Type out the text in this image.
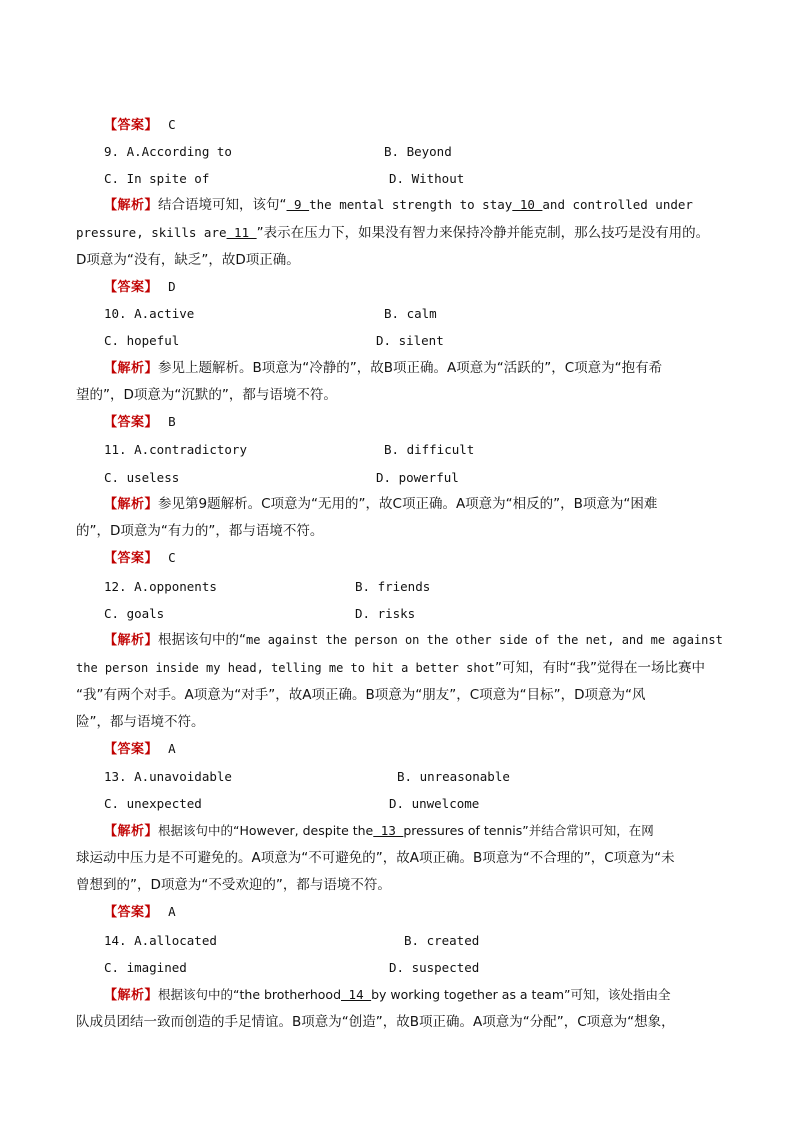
【答案】 C
9. A.According to	B. Beyond
C. In spite of	D. Without
【解析】结合语境可知，该句“ 9 the mental strength to stay 10 and controlled under
pressure, skills are 11 ”表示在压力下，如果没有智力来保持冷静并能克制，那么技巧是没有用的。
D项意为“没有，缺乏”，故D项正确。
【答案】 D
10. A.active	B. calm
C. hopeful	D. silent
【解析】参见上题解析。B项意为“冷静的”，故B项正确。A项意为“活跃的”，C项意为“抱有希
望的”，D项意为“沉默的”，都与语境不符。
【答案】 B
11. A.contradictory	B. difficult
C. useless	D. powerful
【解析】参见第9题解析。C项意为“无用的”，故C项正确。A项意为“相反的”，B项意为“困难
的”，D项意为“有力的”，都与语境不符。
【答案】 C
12. A.opponents	B. friends
C. goals	D. risks
【解析】根据该句中的“me against the person on the other side of the net, and me against
the person inside my head, telling me to hit a better shot”可知，有时“我”觉得在一场比赛中
“我”有两个对手。A项意为“对手”，故A项正确。B项意为“朋友”，C项意为“目标”，D项意为“风
险”，都与语境不符。
【答案】 A
13. A.unavoidable	B. unreasonable
C. unexpected	D. unwelcome
【解析】根据该句中的“However, despite the 13 pressures of tennis”并结合常识可知，在网
球运动中压力是不可避免的。A项意为“不可避免的”，故A项正确。B项意为“不合理的”，C项意为“未
曾想到的”，D项意为“不受欢迎的”，都与语境不符。
【答案】 A
14. A.allocated	B. created
C. imagined	D. suspected
【解析】根据该句中的“the brotherhood 14 by working together as a team”可知，该处指由全
队成员团结一致而创造的手足情谊。B项意为“创造”，故B项正确。A项意为“分配”，C项意为“想象，
